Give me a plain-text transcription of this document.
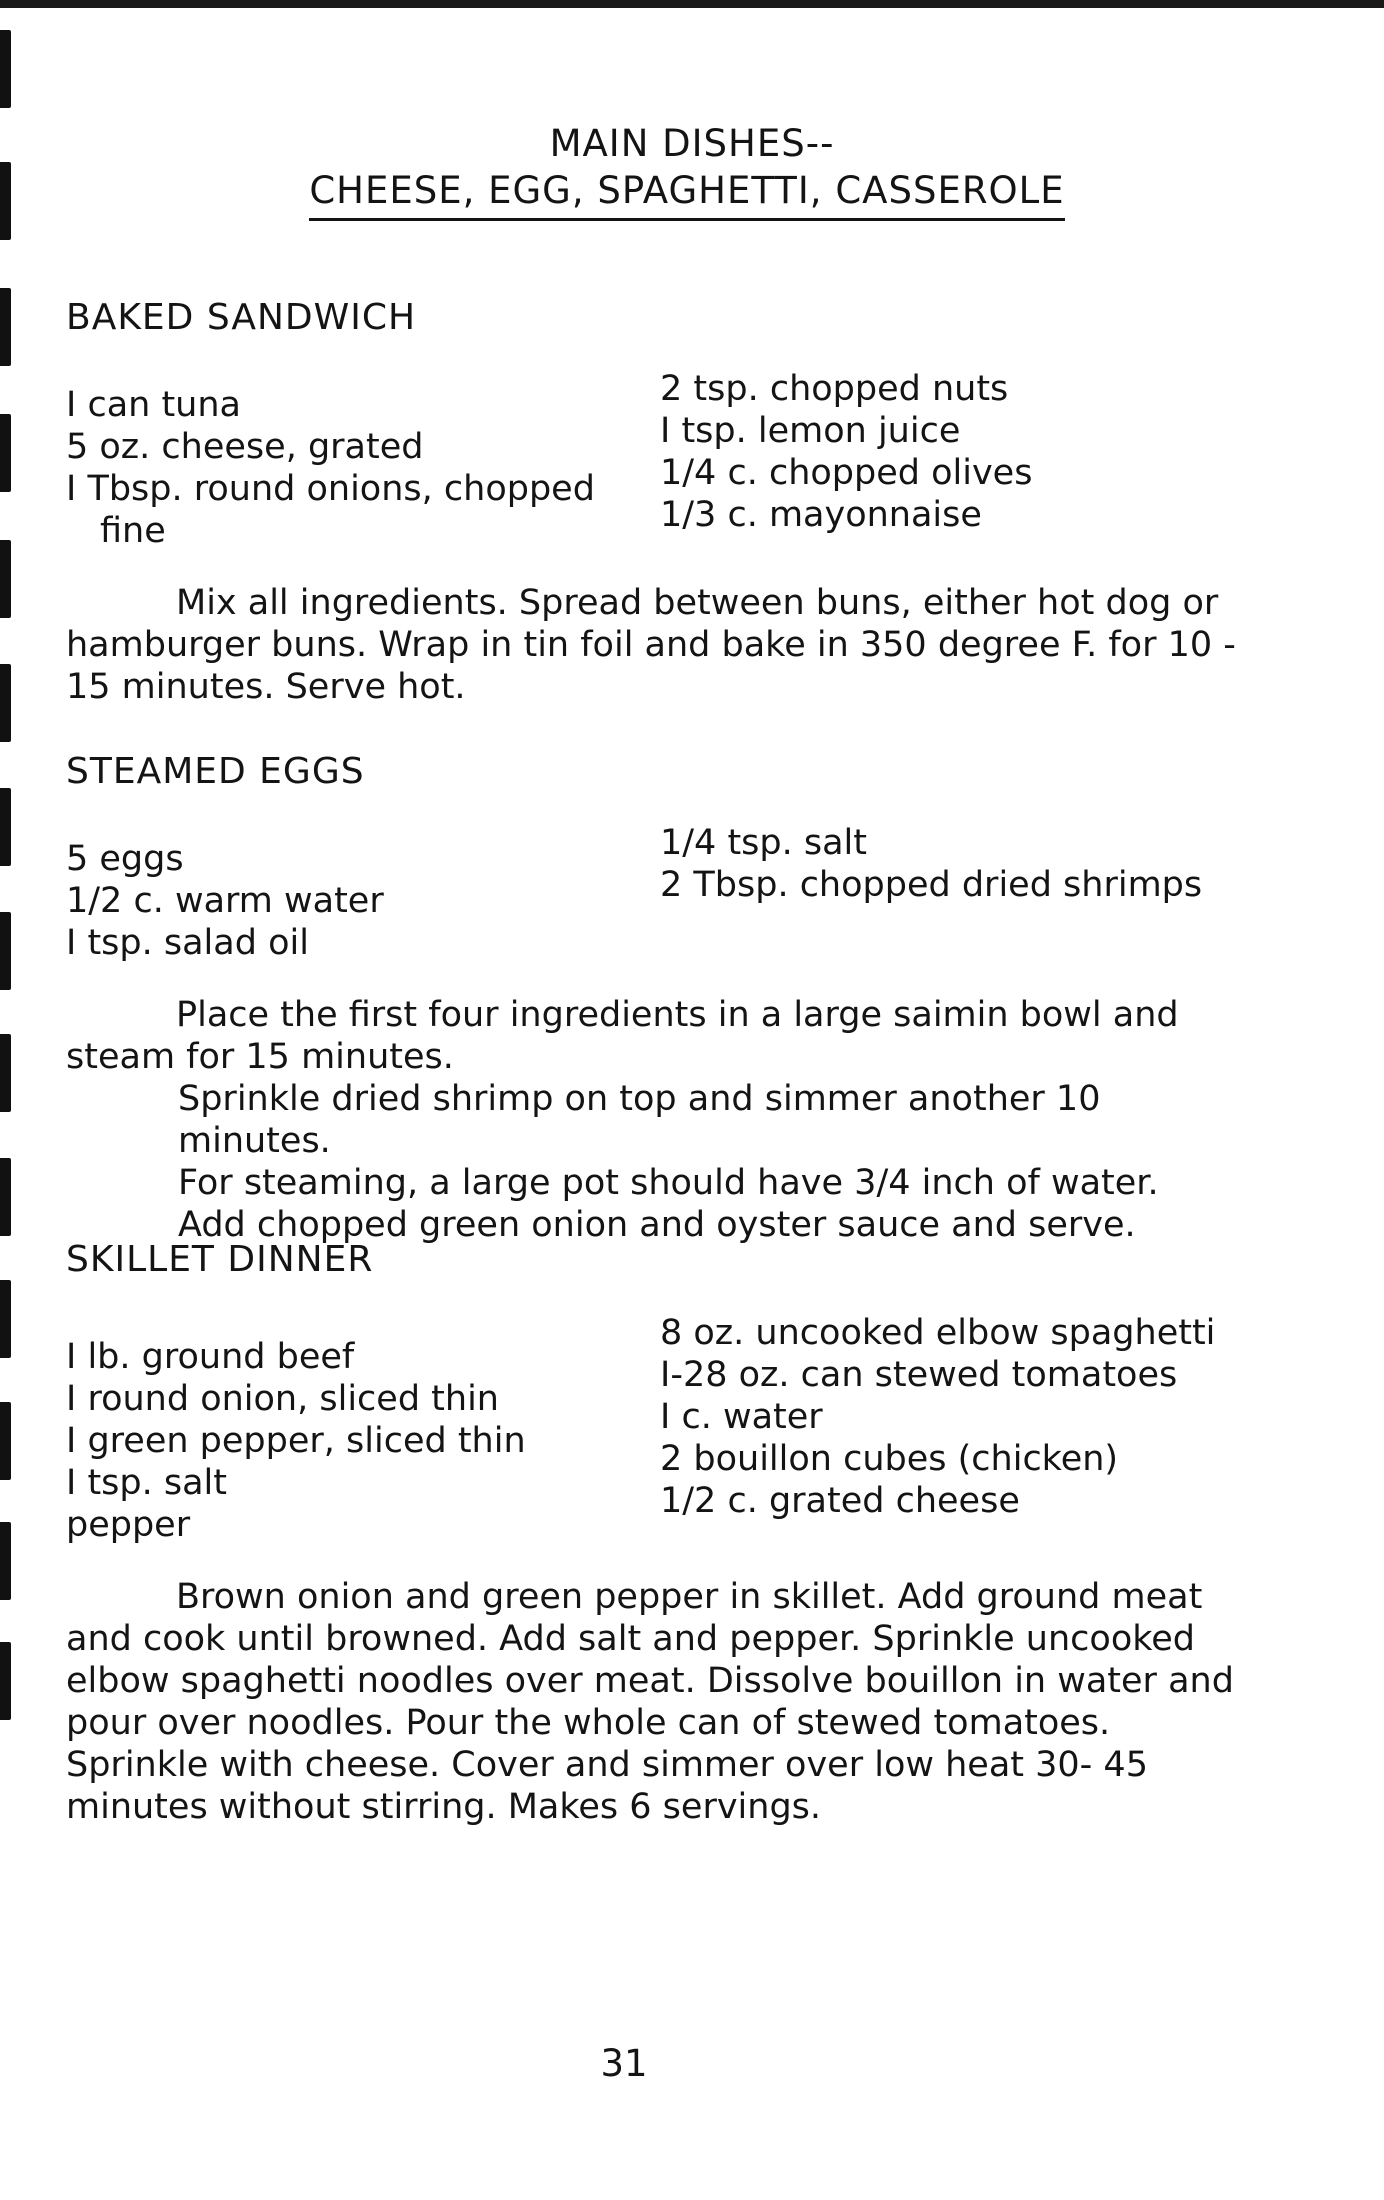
MAIN DISHES--
CHEESE, EGG, SPAGHETTI, CASSEROLE
BAKED SANDWICH
I can tuna
5 oz. cheese, grated
I Tbsp. round onions, chopped
fine
2 tsp. chopped nuts
I tsp. lemon juice
1/4 c. chopped olives
1/3 c. mayonnaise

Mix all ingredients. Spread between buns, either hot dog or hamburger buns. Wrap in tin foil and bake in 350 degree F. for 10 - 15 minutes. Serve hot.

STEAMED EGGS
5 eggs
1/2 c. warm water
I tsp. salad oil
1/4 tsp. salt
2 Tbsp. chopped dried shrimps

Place the first four ingredients in a large saimin bowl and steam for 15 minutes.

Sprinkle dried shrimp on top and simmer another 10 minutes.

For steaming, a large pot should have 3/4 inch of water.

Add chopped green onion and oyster sauce and serve.

SKILLET DINNER
I lb. ground beef
I round onion, sliced thin
I green pepper, sliced thin
I tsp. salt
pepper
8 oz. uncooked elbow spaghetti
I-28 oz. can stewed tomatoes
I c. water
2 bouillon cubes (chicken)
1/2 c. grated cheese

Brown onion and green pepper in skillet. Add ground meat and cook until browned. Add salt and pepper. Sprinkle uncooked elbow spaghetti noodles over meat. Dissolve bouillon in water and pour over noodles. Pour the whole can of stewed tomatoes. Sprinkle with cheese. Cover and simmer over low heat 30- 45 minutes without stirring. Makes 6 servings.

31
